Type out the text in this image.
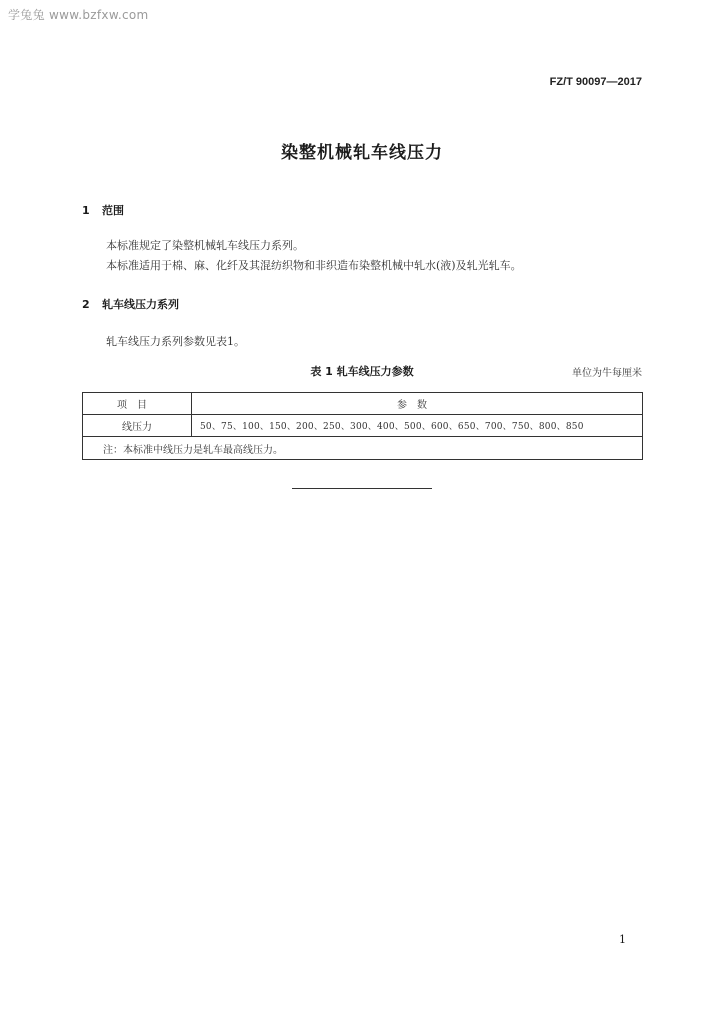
学兔兔 www.bzfxw.com
FZ/T 90097—2017
染整机械轧车线压力
1 范围
本标准规定了染整机械轧车线压力系列。
本标准适用于棉、麻、化纤及其混纺织物和非织造布染整机械中轧水(液)及轧光轧车。
2 轧车线压力系列
轧车线压力系列参数见表1。
表 1 轧车线压力参数	单位为牛每厘米
项目	参数
线压力	50、75、100、150、200、250、300、400、500、600、650、700、750、800、850
注：本标准中线压力是轧车最高线压力。	
1
